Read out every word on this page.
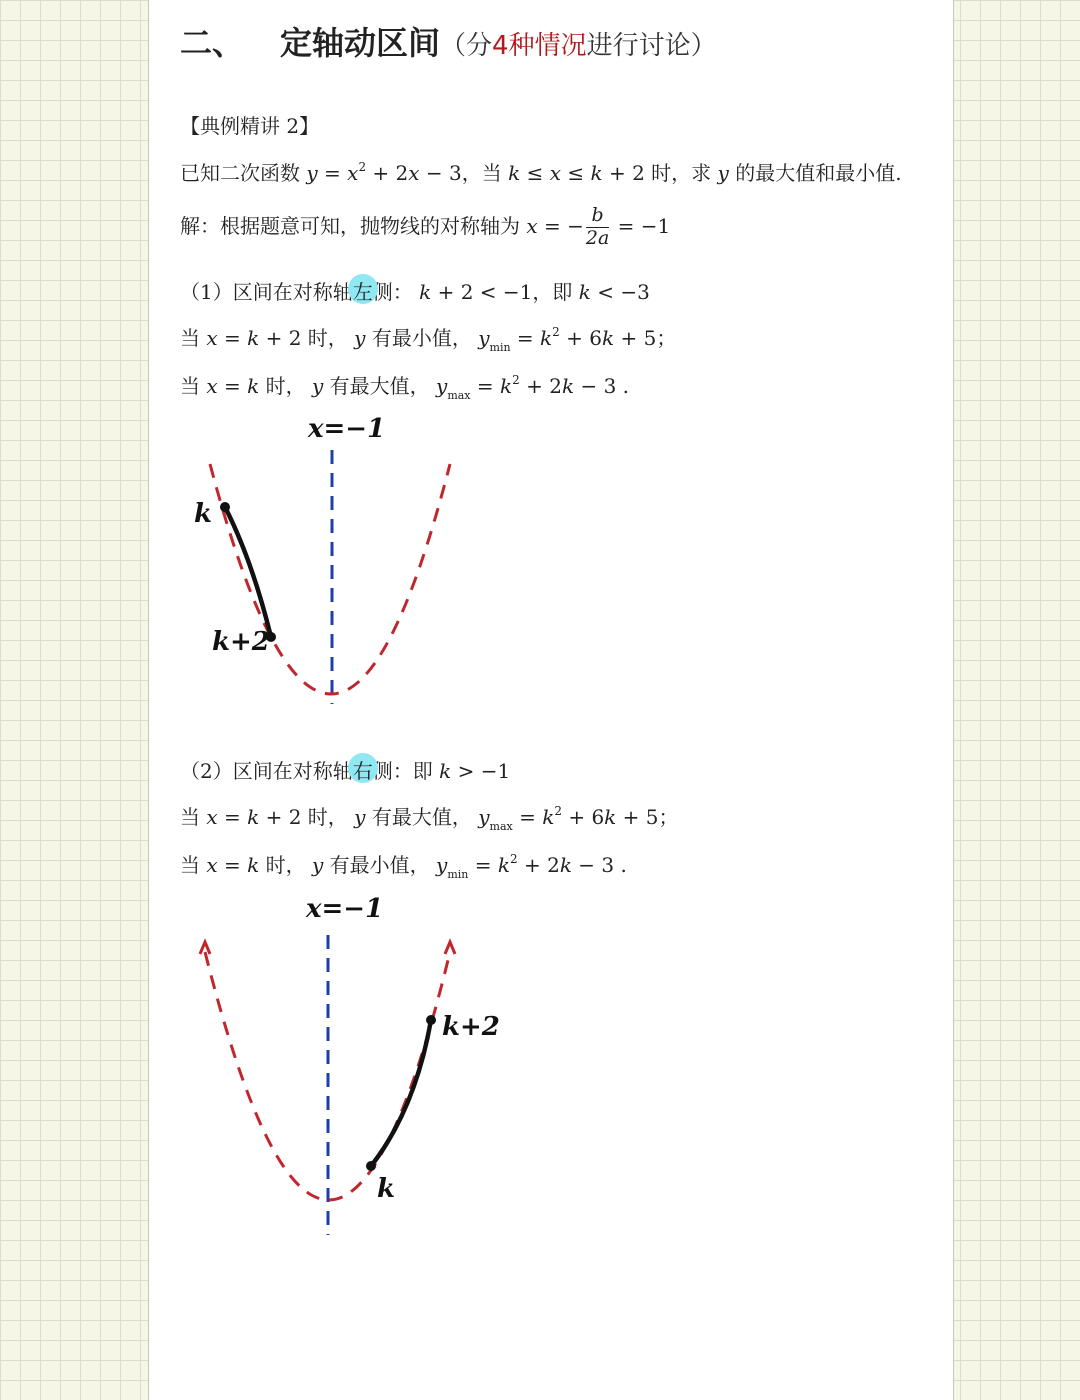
二、 定轴动区间（分4种情况进行讨论）
【典例精讲 2】
已知二次函数 $y = x^2 + 2x - 3$，当 k ≤ x ≤ k + 2 时，求 y 的最大值和最小值.
解：根据题意可知，抛物线的对称轴为 x = − $\frac{b}{2a} = -1$
（1）区间在对称轴左侧： k + 2 < −1，即 k < −3
当 x = k + 2 时， y 有最小值， $y_{min} = k^2 + 6k + 5$；
当 x = k 时， y 有最大值， $y_{max} = k^2 + 2k - 3$ .
x=−1
k
k+2
（2）区间在对称轴右侧：即 k > −1
当 x = k + 2 时， y 有最大值， $y_{max} = k^2 + 6k + 5$；
当 x = k 时， y 有最小值， $y_{min} = k^2 + 2k - 3$ .
x=−1
k
k+2
